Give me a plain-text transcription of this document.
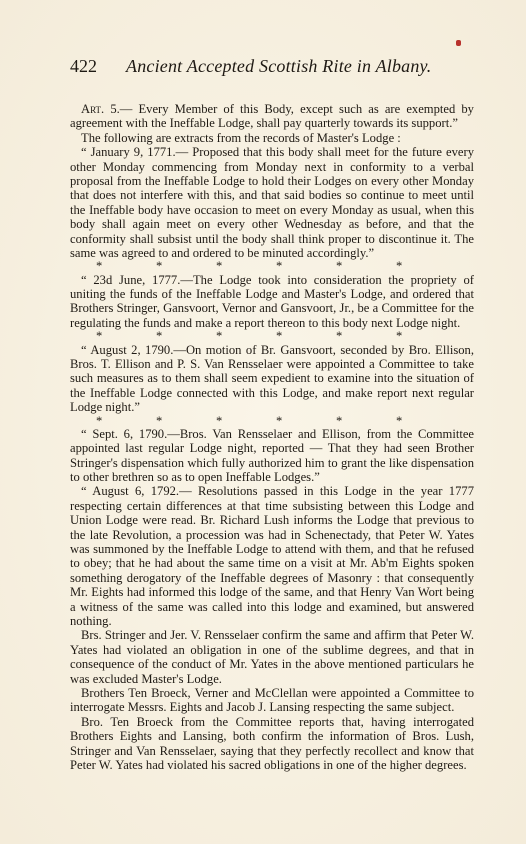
422 Ancient Accepted Scottish Rite in Albany.

Art. 5.— Every Member of this Body, except such as are exempted by agreement with the Ineffable Lodge, shall pay quarterly towards its support.”

The following are extracts from the records of Master's Lodge :

“ January 9, 1771.— Proposed that this body shall meet for the future every other Monday commencing from Monday next in conformity to a verbal proposal from the Ineffable Lodge to hold their Lodges on every other Monday that does not interfere with this, and that said bodies so continue to meet until the Ineffable body have occasion to meet on every Monday as usual, when this body shall again meet on every other Wednesday as before, and that the conformity shall subsist until the body shall think proper to discontinue it. The same was agreed to and ordered to be minuted accordingly.”

*	*	*	*	*	*

“ 23d June, 1777.—The Lodge took into consideration the propriety of uniting the funds of the Ineffable Lodge and Master's Lodge, and ordered that Brothers Stringer, Gansvoort, Vernor and Gansvoort, Jr., be a Committee for the regulating the funds and make a report thereon to this body next Lodge night.

*	*	*	*	*	*

“ August 2, 1790.—On motion of Br. Gansvoort, seconded by Bro. Ellison, Bros. T. Ellison and P. S. Van Rensselaer were appointed a Committee to take such measures as to them shall seem expedient to examine into the situation of the Ineffable Lodge connected with this Lodge, and make report next regular Lodge night.”

*	*	*	*	*	*

“ Sept. 6, 1790.—Bros. Van Rensselaer and Ellison, from the Committee appointed last regular Lodge night, reported — That they had seen Brother Stringer's dispensation which fully authorized him to grant the like dispensation to other brethren so as to open Ineffable Lodges.”

“ August 6, 1792.— Resolutions passed in this Lodge in the year 1777 respecting certain differences at that time subsisting between this Lodge and Union Lodge were read. Br. Richard Lush informs the Lodge that previous to the late Revolution, a procession was had in Schenectady, that Peter W. Yates was summoned by the Ineffable Lodge to attend with them, and that he refused to obey; that he had about the same time on a visit at Mr. Ab'm Eights spoken something derogatory of the Ineffable degrees of Masonry : that consequently Mr. Eights had informed this lodge of the same, and that Henry Van Wort being a witness of the same was called into this lodge and examined, but answered nothing.

Brs. Stringer and Jer. V. Rensselaer confirm the same and affirm that Peter W. Yates had violated an obligation in one of the sublime degrees, and that in consequence of the conduct of Mr. Yates in the above mentioned particulars he was excluded Master's Lodge.

Brothers Ten Broeck, Verner and McClellan were appointed a Committee to interrogate Messrs. Eights and Jacob J. Lansing respecting the same subject.

Bro. Ten Broeck from the Committee reports that, having interrogated Brothers Eights and Lansing, both confirm the information of Bros. Lush, Stringer and Van Rensselaer, saying that they perfectly recollect and know that Peter W. Yates had violated his sacred obligations in one of the higher degrees.
